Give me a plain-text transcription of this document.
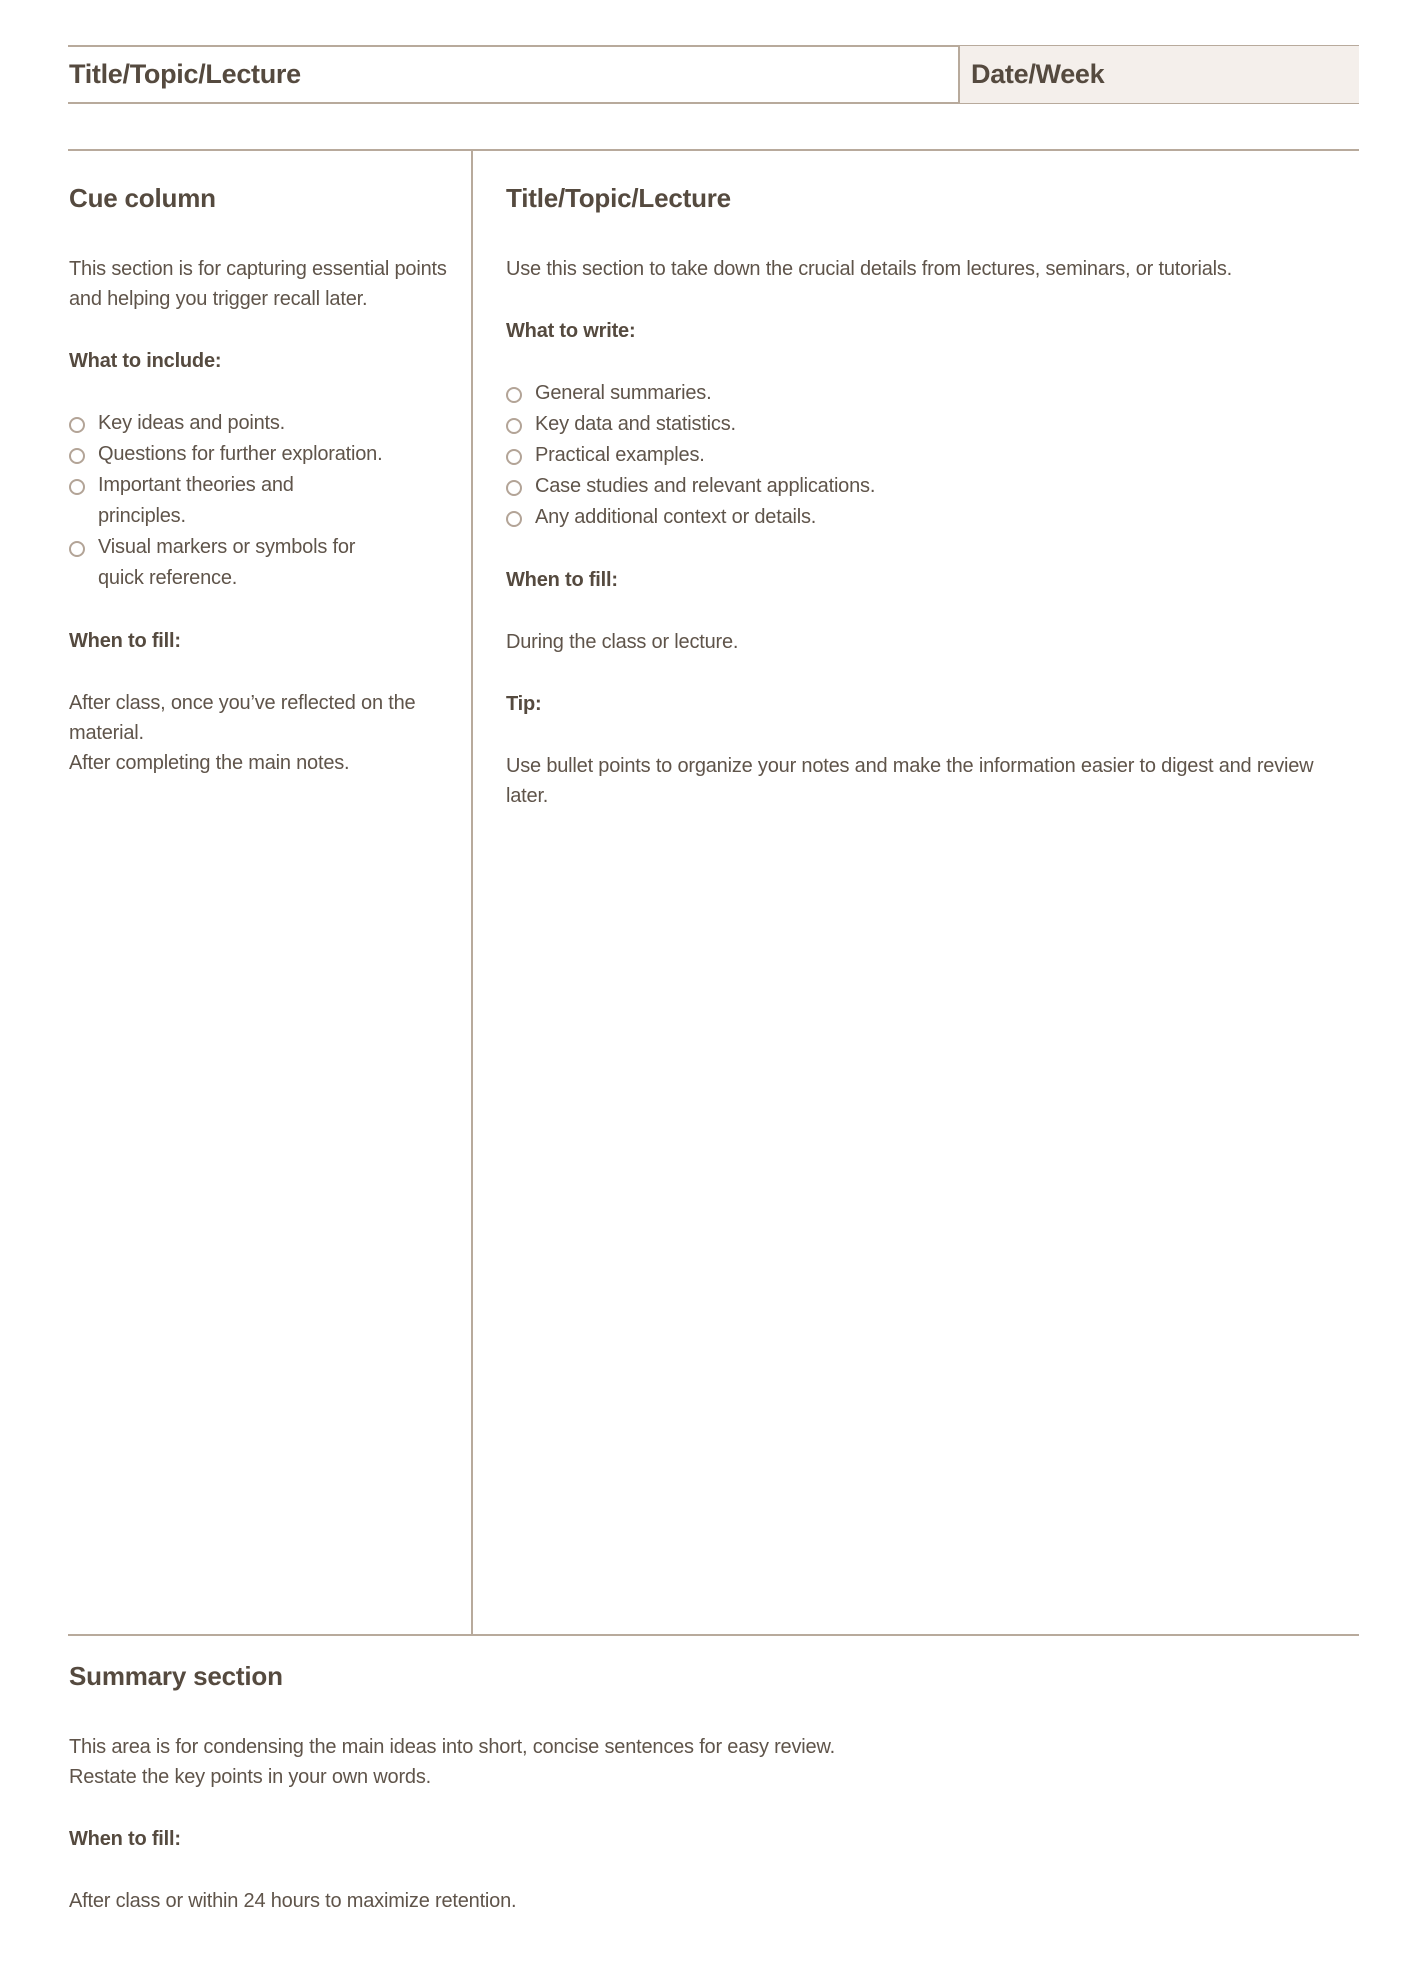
Title/Topic/Lecture	Date/Week
Cue column

This section is for capturing essential points and helping you trigger recall later.

What to include:
Key ideas and points.
Questions for further exploration.
Important theories and principles.
Visual markers or symbols for quick reference.
When to fill:

After class, once you’ve reflected on the material.

After completing the main notes.

Title/Topic/Lecture

Use this section to take down the crucial details from lectures, seminars, or tutorials.

What to write:
General summaries.
Key data and statistics.
Practical examples.
Case studies and relevant applications.
Any additional context or details.
When to fill:

During the class or lecture.

Tip:

Use bullet points to organize your notes and make the information easier to digest and review later.

Summary section

This area is for condensing the main ideas into short, concise sentences for easy review.

Restate the key points in your own words.

When to fill:

After class or within 24 hours to maximize retention.
